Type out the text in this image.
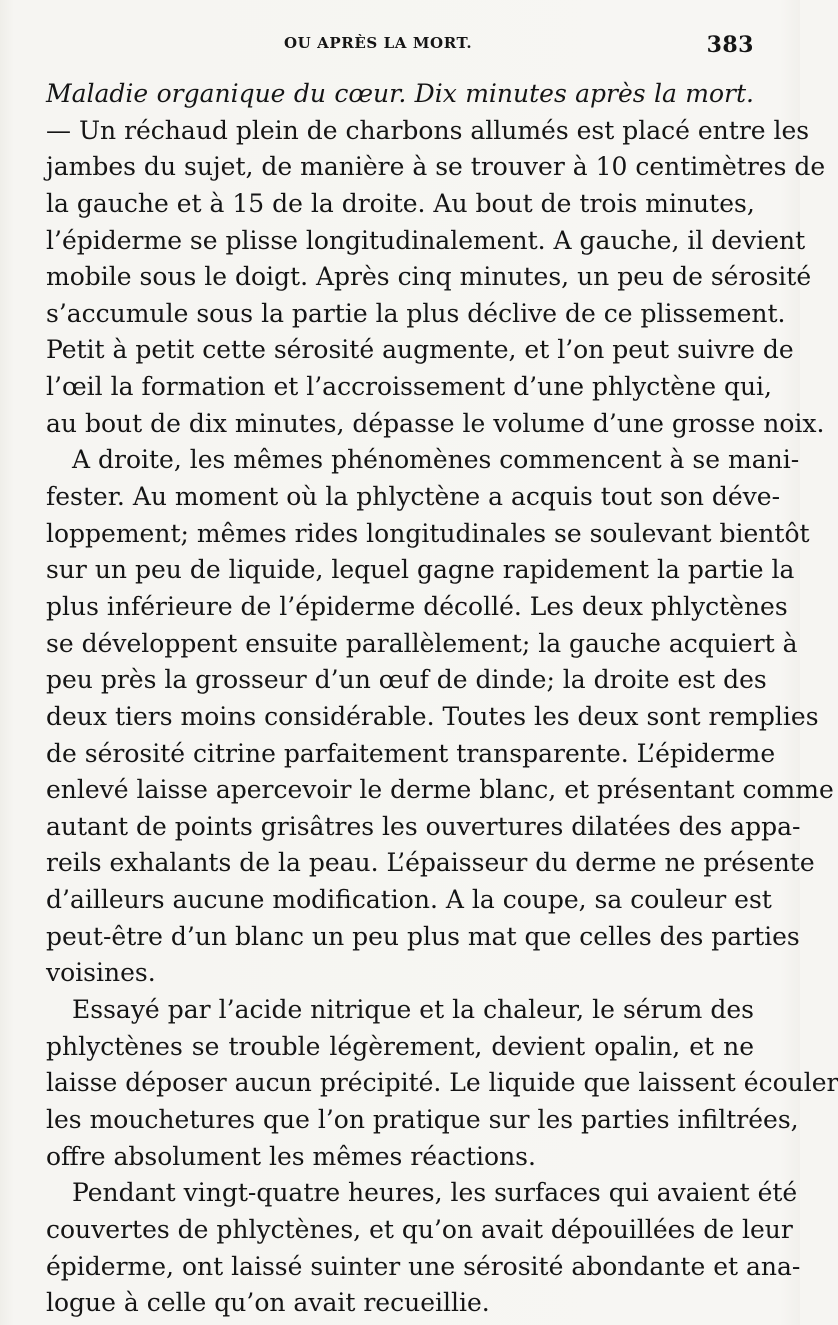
OU APRÈS LA MORT.	383
Maladie organique du cœur. Dix minutes après la mort.
— Un réchaud plein de charbons allumés est placé entre les
jambes du sujet, de manière à se trouver à 10 centimètres de
la gauche et à 15 de la droite. Au bout de trois minutes,
l’épiderme se plisse longitudinalement. A gauche, il devient
mobile sous le doigt. Après cinq minutes, un peu de sérosité
s’accumule sous la partie la plus déclive de ce plissement.
Petit à petit cette sérosité augmente, et l’on peut suivre de
l’œil la formation et l’accroissement d’une phlyctène qui,
au bout de dix minutes, dépasse le volume d’une grosse noix.
A droite, les mêmes phénomènes commencent à se mani-
fester. Au moment où la phlyctène a acquis tout son déve-
loppement; mêmes rides longitudinales se soulevant bientôt
sur un peu de liquide, lequel gagne rapidement la partie la
plus inférieure de l’épiderme décollé. Les deux phlyctènes
se développent ensuite parallèlement; la gauche acquiert à
peu près la grosseur d’un œuf de dinde; la droite est des
deux tiers moins considérable. Toutes les deux sont remplies
de sérosité citrine parfaitement transparente. L’épiderme
enlevé laisse apercevoir le derme blanc, et présentant comme
autant de points grisâtres les ouvertures dilatées des appa-
reils exhalants de la peau. L’épaisseur du derme ne présente
d’ailleurs aucune modification. A la coupe, sa couleur est
peut-être d’un blanc un peu plus mat que celles des parties
voisines.
Essayé par l’acide nitrique et la chaleur, le sérum des
phlyctènes se trouble légèrement, devient opalin, et ne
laisse déposer aucun précipité. Le liquide que laissent écouler
les mouchetures que l’on pratique sur les parties infiltrées,
offre absolument les mêmes réactions.
Pendant vingt-quatre heures, les surfaces qui avaient été
couvertes de phlyctènes, et qu’on avait dépouillées de leur
épiderme, ont laissé suinter une sérosité abondante et ana-
logue à celle qu’on avait recueillie.
